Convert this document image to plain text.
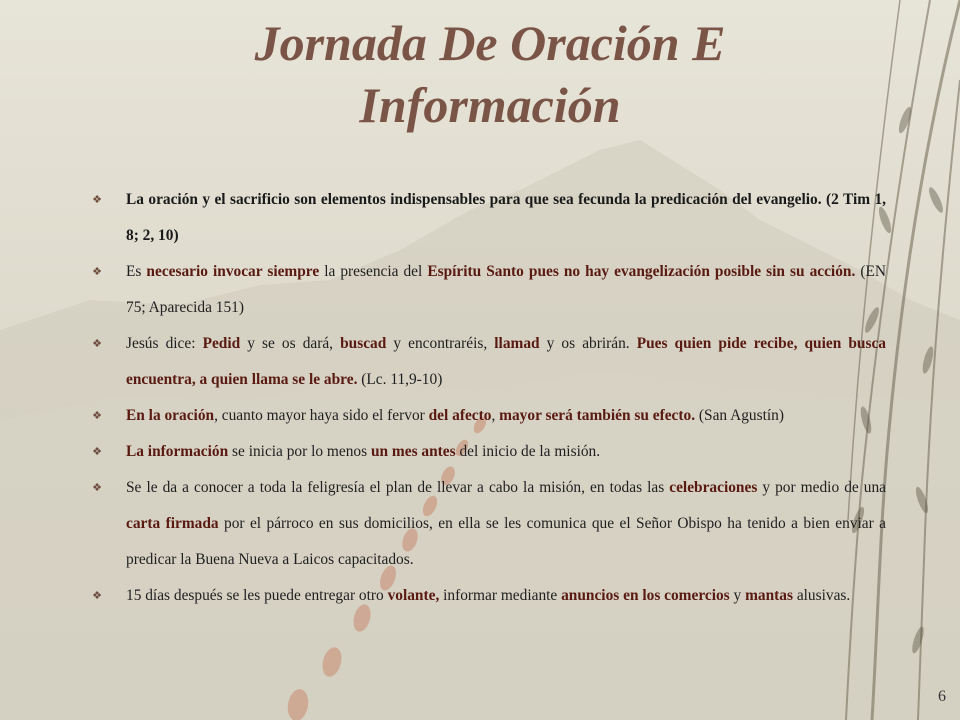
Jornada De Oración E
Información
❖ La oración y el sacrificio son elementos indispensables para que sea fecunda la predicación del evangelio. (2 Tim 1, 8; 2, 10)
❖ Es necesario invocar siempre la presencia del Espíritu Santo pues no hay evangelización posible sin su acción. (EN 75; Aparecida 151)
❖ Jesús dice: Pedid y se os dará, buscad y encontraréis, llamad y os abrirán. Pues quien pide recibe, quien busca encuentra, a quien llama se le abre. (Lc. 11,9-10)
❖ En la oración, cuanto mayor haya sido el fervor del afecto, mayor será también su efecto. (San Agustín)
❖ La información se inicia por lo menos un mes antes del inicio de la misión.
❖ Se le da a conocer a toda la feligresía el plan de llevar a cabo la misión, en todas las celebraciones y por medio de una carta firmada por el párroco en sus domicilios, en ella se les comunica que el Señor Obispo ha tenido a bien enviar a predicar la Buena Nueva a Laicos capacitados.
❖ 15 días después se les puede entregar otro volante, informar mediante anuncios en los comercios y mantas alusivas.
6
